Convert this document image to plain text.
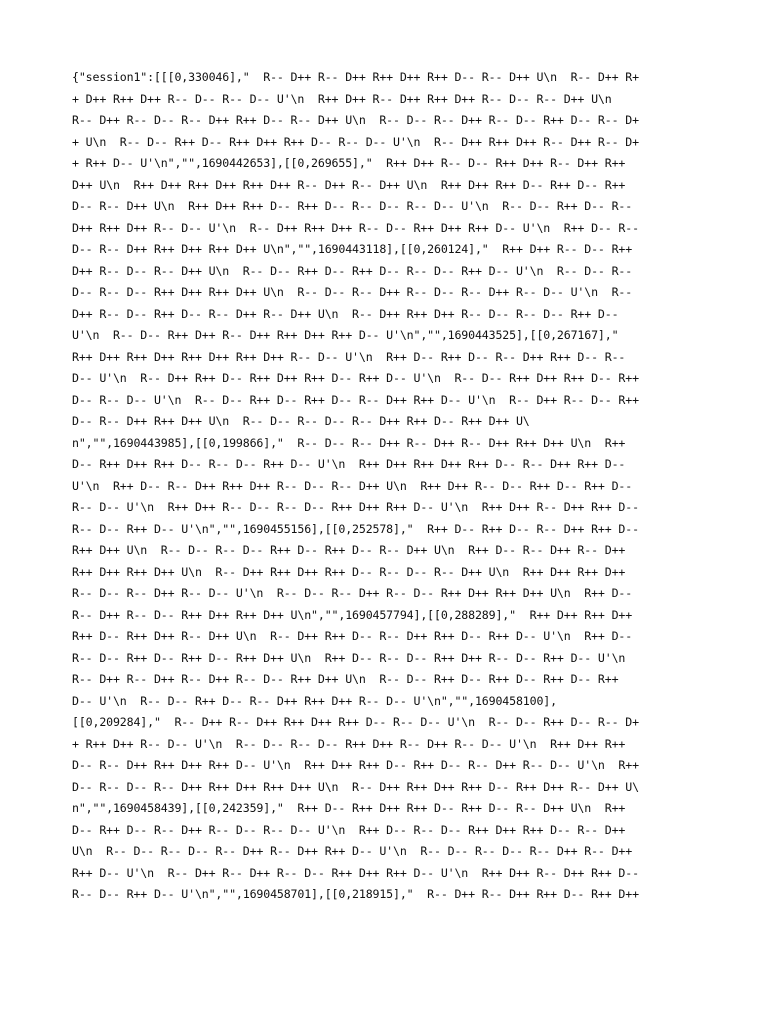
{"session1":[[[0,330046],"  R-- D++ R-- D++ R++ D++ R++ D-- R-- D++ U\n  R-- D++ R+
+ D++ R++ D++ R-- D-- R-- D-- U'\n  R++ D++ R-- D++ R++ D++ R-- D-- R-- D++ U\n
R-- D++ R-- D-- R-- D++ R++ D-- R-- D++ U\n  R-- D-- R-- D++ R-- D-- R++ D-- R-- D+
+ U\n  R-- D-- R++ D-- R++ D++ R++ D-- R-- D-- U'\n  R-- D++ R++ D++ R-- D++ R-- D+
+ R++ D-- U'\n","",1690442653],[[0,269655],"  R++ D++ R-- D-- R++ D++ R-- D++ R++
D++ U\n  R++ D++ R++ D++ R++ D++ R-- D++ R-- D++ U\n  R++ D++ R++ D-- R++ D-- R++
D-- R-- D++ U\n  R++ D++ R++ D-- R++ D-- R-- D-- R-- D-- U'\n  R-- D-- R++ D-- R--
D++ R++ D++ R-- D-- U'\n  R-- D++ R++ D++ R-- D-- R++ D++ R++ D-- U'\n  R++ D-- R--
D-- R-- D++ R++ D++ R++ D++ U\n","",1690443118],[[0,260124],"  R++ D++ R-- D-- R++
D++ R-- D-- R-- D++ U\n  R-- D-- R++ D-- R++ D-- R-- D-- R++ D-- U'\n  R-- D-- R--
D-- R-- D-- R++ D++ R++ D++ U\n  R-- D-- R-- D++ R-- D-- R-- D++ R-- D-- U'\n  R--
D++ R-- D-- R++ D-- R-- D++ R-- D++ U\n  R-- D++ R++ D++ R-- D-- R-- D-- R++ D--
U'\n  R-- D-- R++ D++ R-- D++ R++ D++ R++ D-- U'\n","",1690443525],[[0,267167],"
R++ D++ R++ D++ R++ D++ R++ D++ R-- D-- U'\n  R++ D-- R++ D-- R-- D++ R++ D-- R--
D-- U'\n  R-- D++ R++ D-- R++ D++ R++ D-- R++ D-- U'\n  R-- D-- R++ D++ R++ D-- R++
D-- R-- D-- U'\n  R-- D-- R++ D-- R++ D-- R-- D++ R++ D-- U'\n  R-- D++ R-- D-- R++
D-- R-- D++ R++ D++ U\n  R-- D-- R-- D-- R-- D++ R++ D-- R++ D++ U\
n","",1690443985],[[0,199866],"  R-- D-- R-- D++ R-- D++ R-- D++ R++ D++ U\n  R++
D-- R++ D++ R++ D-- R-- D-- R++ D-- U'\n  R++ D++ R++ D++ R++ D-- R-- D++ R++ D--
U'\n  R++ D-- R-- D++ R++ D++ R-- D-- R-- D++ U\n  R++ D++ R-- D-- R++ D-- R++ D--
R-- D-- U'\n  R++ D++ R-- D-- R-- D-- R++ D++ R++ D-- U'\n  R++ D++ R-- D++ R++ D--
R-- D-- R++ D-- U'\n","",1690455156],[[0,252578],"  R++ D-- R++ D-- R-- D++ R++ D--
R++ D++ U\n  R-- D-- R-- D-- R++ D-- R++ D-- R-- D++ U\n  R++ D-- R-- D++ R-- D++
R++ D++ R++ D++ U\n  R-- D++ R++ D++ R++ D-- R-- D-- R-- D++ U\n  R++ D++ R++ D++
R-- D-- R-- D++ R-- D-- U'\n  R-- D-- R-- D++ R-- D-- R++ D++ R++ D++ U\n  R++ D--
R-- D++ R-- D-- R++ D++ R++ D++ U\n","",1690457794],[[0,288289],"  R++ D++ R++ D++
R++ D-- R++ D++ R-- D++ U\n  R-- D++ R++ D-- R-- D++ R++ D-- R++ D-- U'\n  R++ D--
R-- D-- R++ D-- R++ D-- R++ D++ U\n  R++ D-- R-- D-- R++ D++ R-- D-- R++ D-- U'\n
R-- D++ R-- D++ R-- D++ R-- D-- R++ D++ U\n  R-- D-- R++ D-- R++ D-- R++ D-- R++
D-- U'\n  R-- D-- R++ D-- R-- D++ R++ D++ R-- D-- U'\n","",1690458100],
[[0,209284],"  R-- D++ R-- D++ R++ D++ R++ D-- R-- D-- U'\n  R-- D-- R++ D-- R-- D+
+ R++ D++ R-- D-- U'\n  R-- D-- R-- D-- R++ D++ R-- D++ R-- D-- U'\n  R++ D++ R++
D-- R-- D++ R++ D++ R++ D-- U'\n  R++ D++ R++ D-- R++ D-- R-- D++ R-- D-- U'\n  R++
D-- R-- D-- R-- D++ R++ D++ R++ D++ U\n  R-- D++ R++ D++ R++ D-- R++ D++ R-- D++ U\
n","",1690458439],[[0,242359],"  R++ D-- R++ D++ R++ D-- R++ D-- R-- D++ U\n  R++
D-- R++ D-- R-- D++ R-- D-- R-- D-- U'\n  R++ D-- R-- D-- R++ D++ R++ D-- R-- D++
U\n  R-- D-- R-- D-- R-- D++ R-- D++ R++ D-- U'\n  R-- D-- R-- D-- R-- D++ R-- D++
R++ D-- U'\n  R-- D++ R-- D++ R-- D-- R++ D++ R++ D-- U'\n  R++ D++ R-- D++ R++ D--
R-- D-- R++ D-- U'\n","",1690458701],[[0,218915],"  R-- D++ R-- D++ R++ D-- R++ D++
